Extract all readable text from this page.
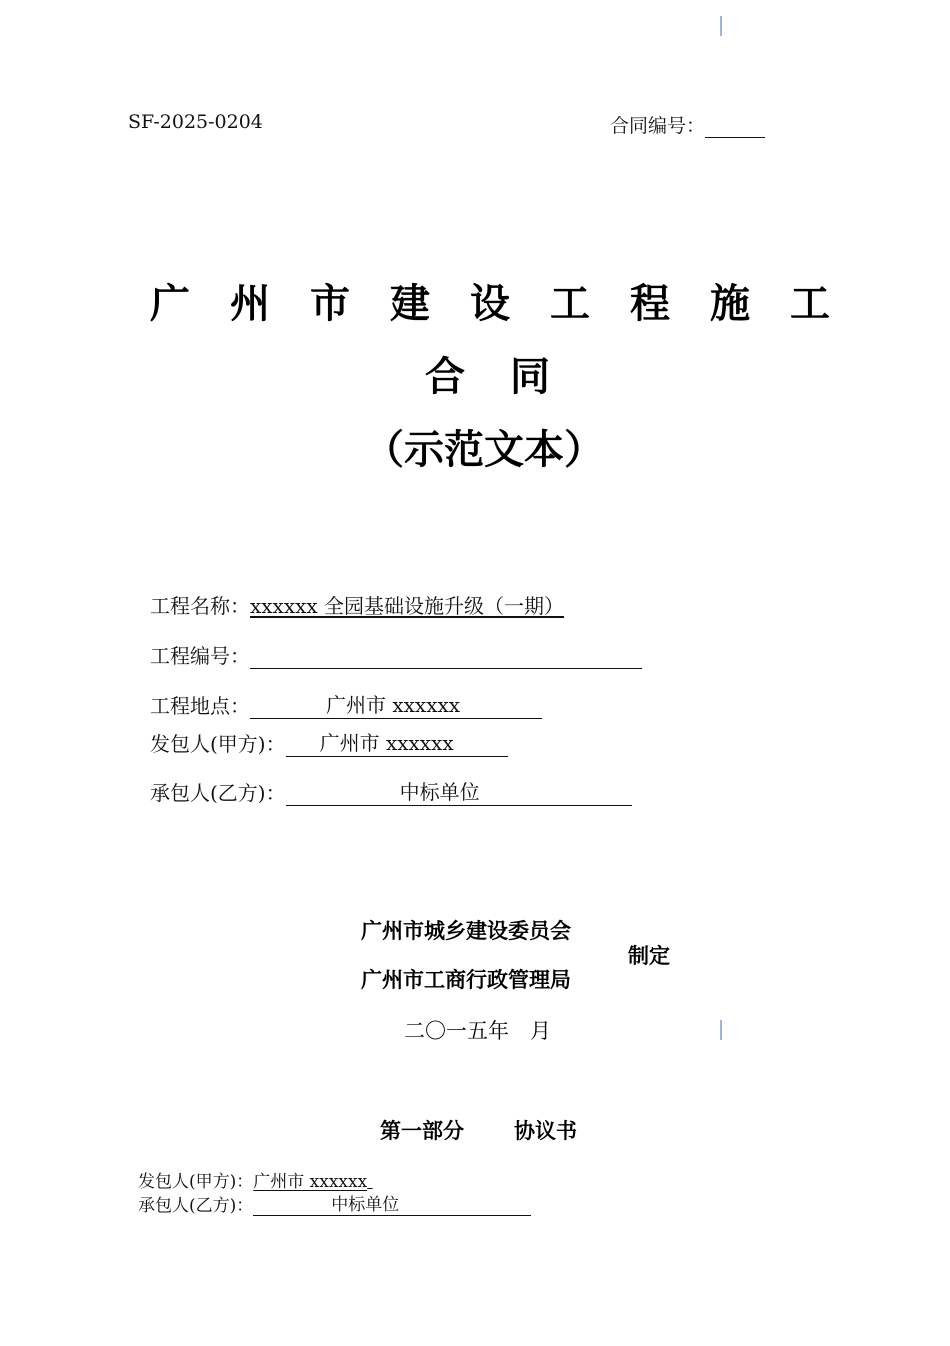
SF-2025-0204	合同编号：
广 州 市 建 设 工 程 施 工
合 同
（示范文本）
工程名称：xxxxxx 全园基础设施升级（一期）
工程编号：
工程地点：	广州市 xxxxxx
发包人(甲方)： 广州市 xxxxxx
承包人(乙方)：	中标单位
广州市城乡建设委员会
广州市工商行政管理局
制定
二〇一五年　月
第一部分 协议书
发包人(甲方)：广州市 xxxxxx
承包人(乙方)：	中标单位
